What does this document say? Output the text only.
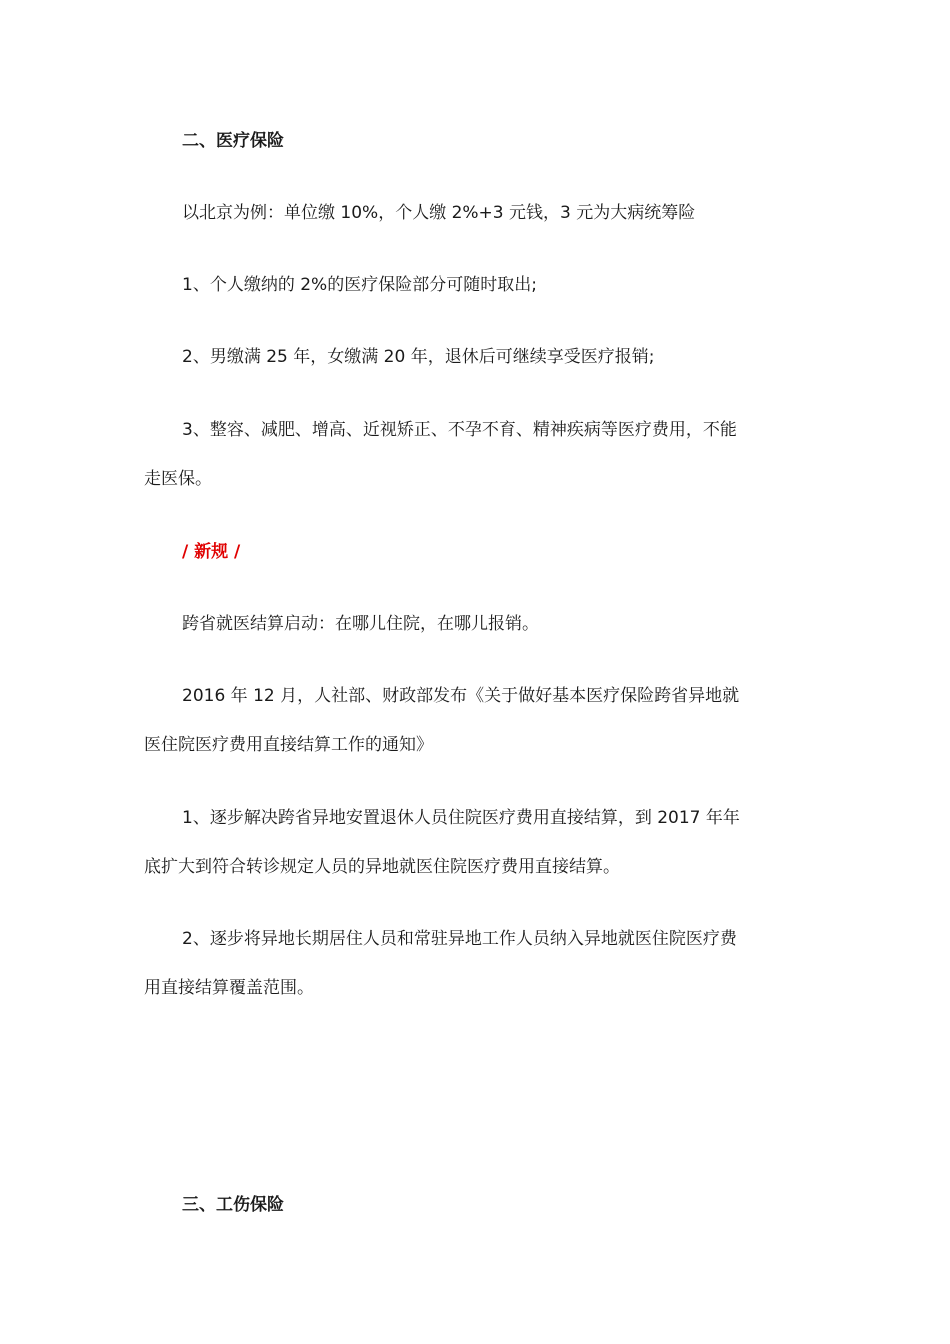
二、医疗保险
以北京为例：单位缴 10%，个人缴 2%+3 元钱，3 元为大病统筹险
1、个人缴纳的 2%的医疗保险部分可随时取出;
2、男缴满 25 年，女缴满 20 年，退休后可继续享受医疗报销;
3、整容、减肥、增高、近视矫正、不孕不育、精神疾病等医疗费用，不能
走医保。
/ 新规 /
跨省就医结算启动：在哪儿住院，在哪儿报销。
2016 年 12 月，人社部、财政部发布《关于做好基本医疗保险跨省异地就
医住院医疗费用直接结算工作的通知》
1、逐步解决跨省异地安置退休人员住院医疗费用直接结算，到 2017 年年
底扩大到符合转诊规定人员的异地就医住院医疗费用直接结算。
2、逐步将异地长期居住人员和常驻异地工作人员纳入异地就医住院医疗费
用直接结算覆盖范围。
三、工伤保险
